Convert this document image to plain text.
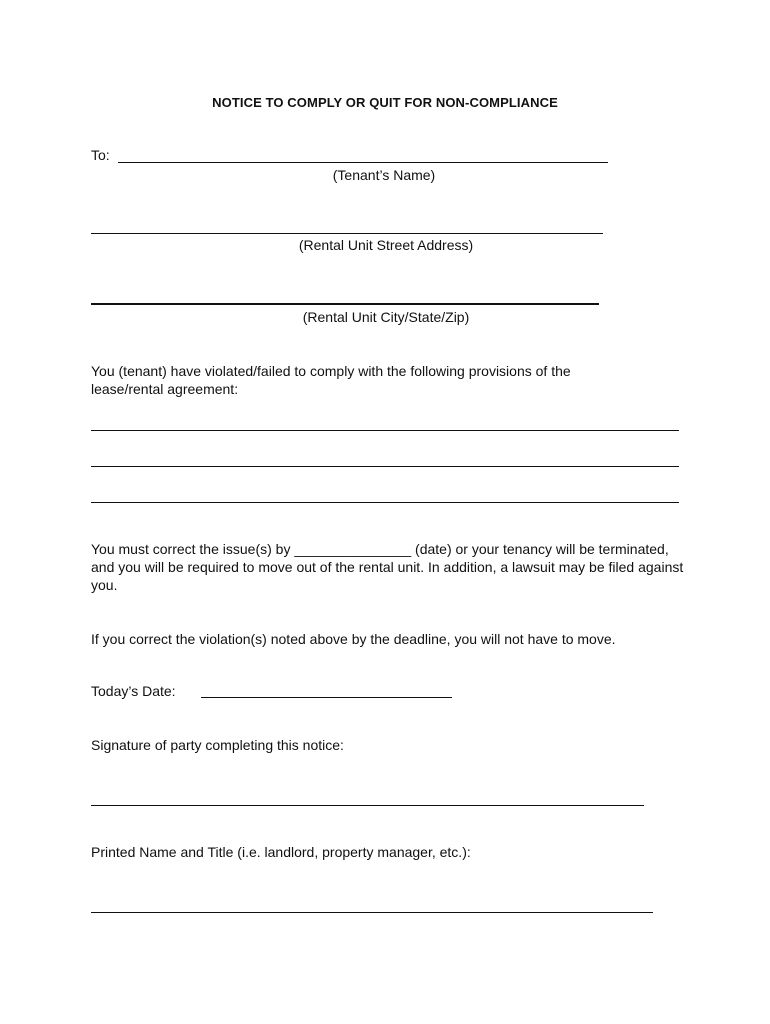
NOTICE TO COMPLY OR QUIT FOR NON-COMPLIANCE
To:
(Tenant’s Name)
(Rental Unit Street Address)
(Rental Unit City/State/Zip)
You (tenant) have violated/failed to comply with the following provisions of the lease/rental agreement:
You must correct the issue(s) by _______________ (date) or your tenancy will be terminated, and you will be required to move out of the rental unit. In addition, a lawsuit may be filed against you.
If you correct the violation(s) noted above by the deadline, you will not have to move.
Today’s Date:
Signature of party completing this notice:
Printed Name and Title (i.e. landlord, property manager, etc.):
